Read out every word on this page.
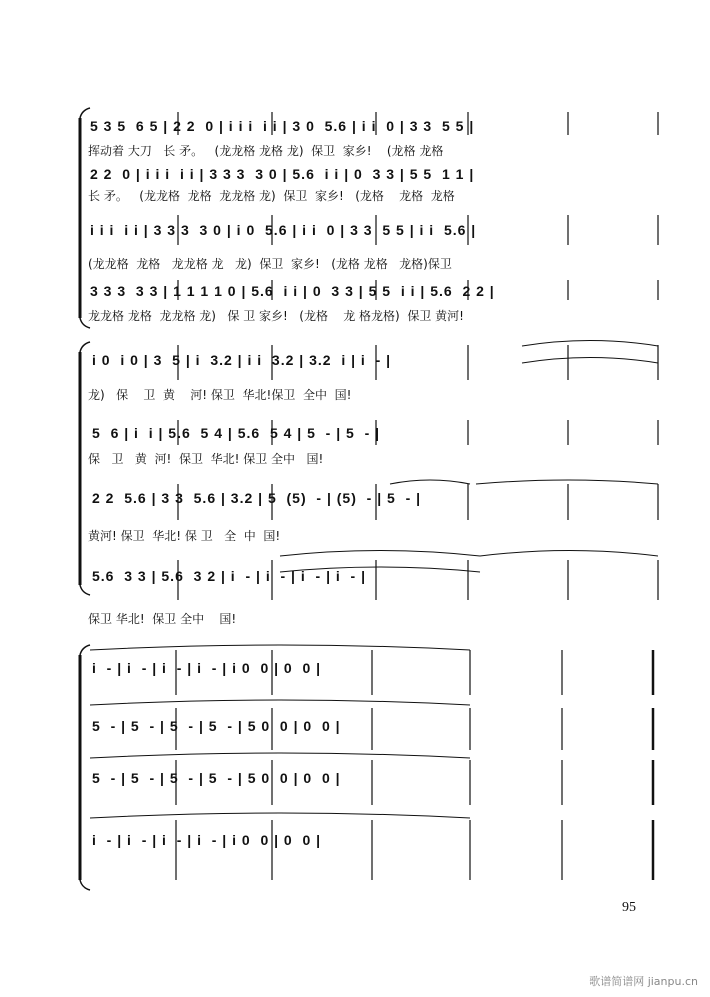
5 3 5  6 5 | 2 2  0 | i i i  i i | 3 0  5.6 | i i  0 | 3 3  5 5 |
挥动着 大刀   长 矛。   (龙龙格 龙格 龙)  保卫  家乡!    (龙格 龙格
2 2  0 | i i i  i i | 3 3 3  3 0 | 5.6  i i | 0  3 3 | 5 5  1 1 |
长 矛。   (龙龙格  龙格  龙龙格 龙)  保卫  家乡!   (龙格    龙格  龙格
i i i  i i | 3 3 3  3 0 | i 0  5.6 | i i  0 | 3 3  5 5 | i i  5.6 |
(龙龙格  龙格   龙龙格 龙   龙)  保卫  家乡!   (龙格 龙格   龙格)保卫
3 3 3  3 3 | 1 1 1 1 0 | 5.6  i i | 0  3 3 | 5 5  i i | 5.6  2 2 |
龙龙格 龙格  龙龙格 龙)   保 卫 家乡!   (龙格    龙 格龙格)  保卫 黄河!
i 0  i 0 | 3  5 | i  3.2 | i i  3.2 | 3.2  i | i  - |
龙)   保    卫  黄    河! 保卫  华北!保卫  全中  国!
5  6 | i  i | 5.6  5 4 | 5.6  5 4 | 5  - | 5  - |
保   卫   黄  河!  保卫  华北! 保卫 全中   国!
2 2  5.6 | 3 3  5.6 | 3.2 | 5  (5)  - | (5)  - | 5  - |
黄河! 保卫  华北! 保 卫   全  中  国!
5.6  3 3 | 5.6  3 2 | i  - | i  - | i  - | i  - |
保卫 华北!  保卫 全中    国!
i  - | i  - | i  - | i  - | i 0  0 | 0  0 |
5  - | 5  - | 5  - | 5  - | 5 0  0 | 0  0 |
5  - | 5  - | 5  - | 5  - | 5 0  0 | 0  0 |
i  - | i  - | i  - | i  - | i 0  0 | 0  0 |
95
歌谱简谱网 jianpu.cn
